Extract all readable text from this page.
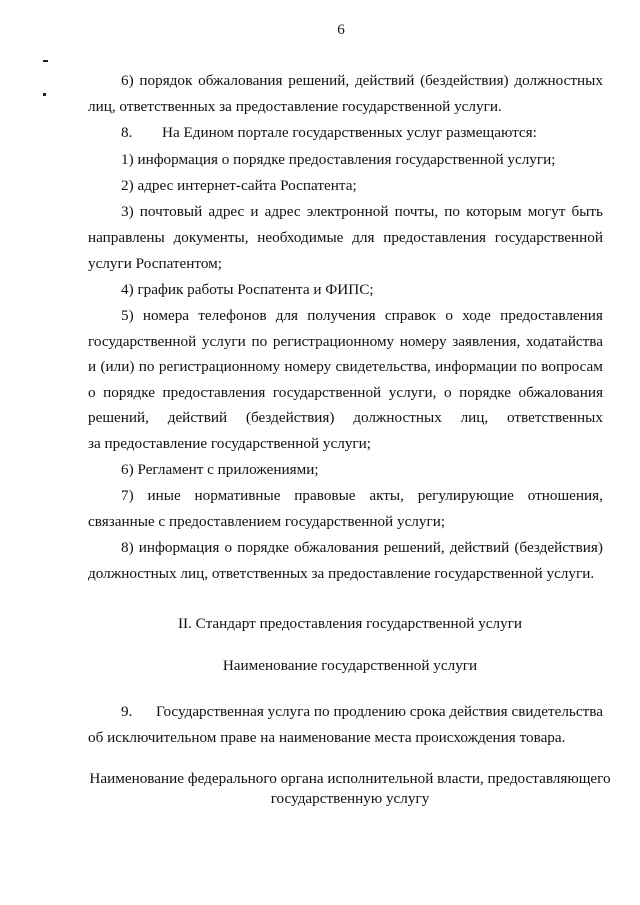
6
6) порядок обжалования решений, действий (бездействия) должностных
лиц, ответственных за предоставление государственной услуги.
8. На Едином портале государственных услуг размещаются:
1) информация о порядке предоставления государственной услуги;
2) адрес интернет-сайта Роспатента;
3) почтовый адрес и адрес электронной почты, по которым могут быть
направлены документы, необходимые для предоставления государственной
услуги Роспатентом;
4) график работы Роспатента и ФИПС;
5) номера телефонов для получения справок о ходе предоставления
государственной услуги по регистрационному номеру заявления, ходатайства
и (или) по регистрационному номеру свидетельства, информации по вопросам
о порядке предоставления государственной услуги, о порядке обжалования
решений, действий (бездействия) должностных лиц, ответственных
за предоставление государственной услуги;
6) Регламент с приложениями;
7) иные нормативные правовые акты, регулирующие отношения,
связанные с предоставлением государственной услуги;
8) информация о порядке обжалования решений, действий (бездействия)
должностных лиц, ответственных за предоставление государственной услуги.
II. Стандарт предоставления государственной услуги
Наименование государственной услуги
9. Государственная услуга по продлению срока действия свидетельства
об исключительном праве на наименование места происхождения товара.
Наименование федерального органа исполнительной власти, предоставляющего
государственную услугу
